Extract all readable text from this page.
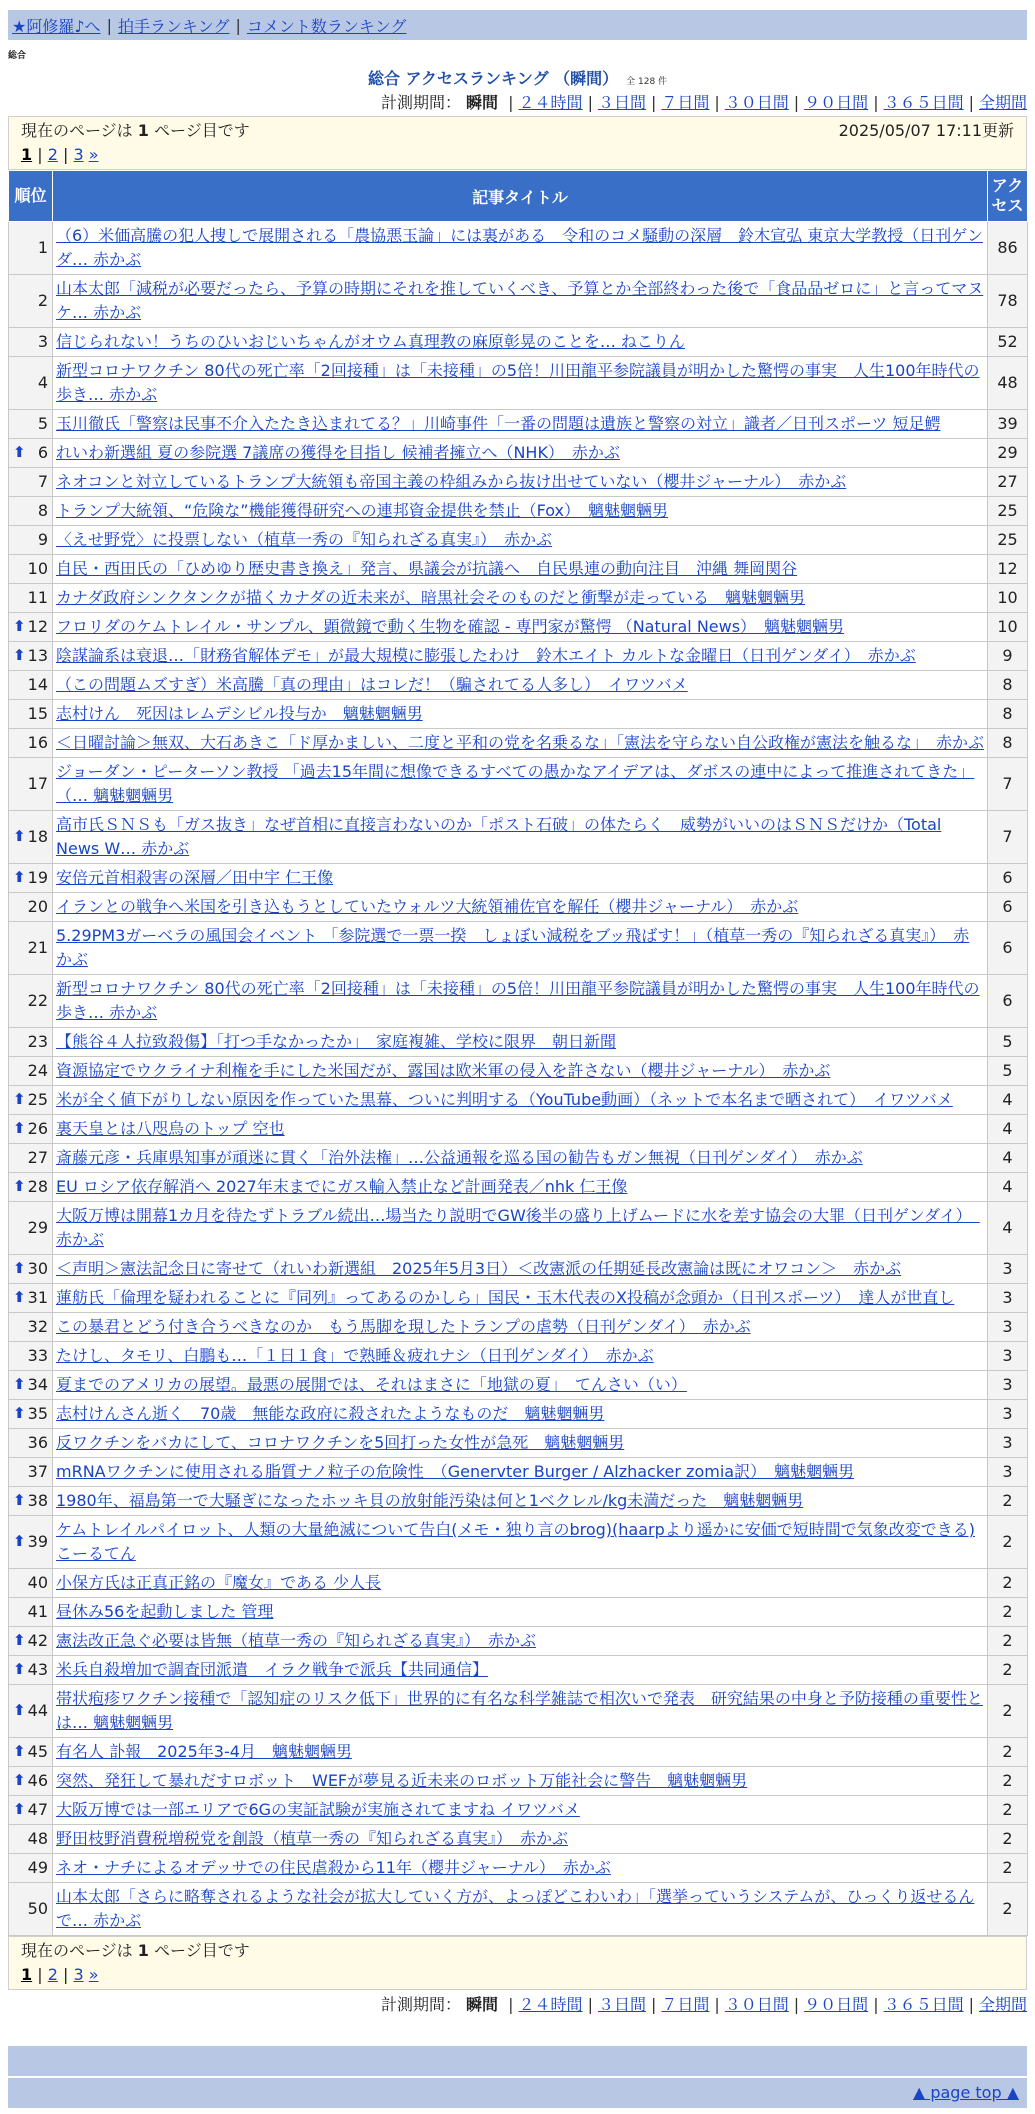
★阿修羅♪へ | 拍手ランキング | コメント数ランキング
総合
総合 アクセスランキング （瞬間） 全 128 件
計測期間： 瞬間 | ２４時間 | ３日間 | ７日間 | ３０日間 | ９０日間 | ３６５日間 | 全期間
現在のページは 1 ページ目です	2025/05/07 17:11更新
1 | 2 | 3 »
順位	記事タイトル	アクセス
1	（6）米価高騰の犯人捜しで展開される「農協悪玉論」には裏がある　令和のコメ騒動の深層　鈴木宣弘 東京大学教授（日刊ゲンダ… 赤かぶ	86
2	山本太郎「減税が必要だったら、予算の時期にそれを推していくべき、予算とか全部終わった後で「食品品ゼロに」と言ってマヌケ… 赤かぶ	78
3	信じられない！うちのひいおじいちゃんがオウム真理教の麻原彰晃のことを… ねこりん	52
4	新型コロナワクチン 80代の死亡率「2回接種」は「未接種」の5倍！川田龍平参院議員が明かした驚愕の事実　人生100年時代の歩き… 赤かぶ	48
5	玉川徹氏「警察は民事不介入たたき込まれてる？」川崎事件「一番の問題は遺族と警察の対立」識者／日刊スポーツ 短足鰐	39

⬆ 6	れいわ新選組 夏の参院選 7議席の獲得を目指し 候補者擁立へ（NHK）　赤かぶ	29
7	ネオコンと対立しているトランプ大統領も帝国主義の枠組みから抜け出せていない（櫻井ジャーナル）　赤かぶ	27
8	トランプ大統領、“危険な”機能獲得研究への連邦資金提供を禁止（Fox）　魑魅魍魎男	25
9	〈えせ野党〉に投票しない（植草一秀の『知られざる真実』）　赤かぶ	25
10	自民・西田氏の「ひめゆり歴史書き換え」発言、県議会が抗議へ　自民県連の動向注目　沖縄 舞岡関谷	12
11	カナダ政府シンクタンクが描くカナダの近未来が、暗黒社会そのものだと衝撃が走っている　魑魅魍魎男	10

⬆ 12	フロリダのケムトレイル・サンプル、顕微鏡で動く生物を確認 - 専門家が驚愕 （Natural News）　魑魅魍魎男	10

⬆ 13	陰謀論系は衰退…「財務省解体デモ」が最大規模に膨張したわけ　鈴木エイト カルトな金曜日（日刊ゲンダイ）　赤かぶ	9
14	（この問題ムズすぎ）米高騰「真の理由」はコレだ！（騙されてる人多し）　イワツバメ	8
15	志村けん　死因はレムデシビル投与か　魑魅魍魎男	8
16	＜日曜討論＞無双、大石あきこ「ド厚かましい、二度と平和の党を名乗るな」「憲法を守らない自公政権が憲法を触るな」　赤かぶ	8
17	ジョーダン・ピーターソン教授 「過去15年間に想像できるすべての愚かなアイデアは、ダボスの連中によって推進されてきた」（… 魑魅魍魎男	7

⬆ 18	高市氏ＳＮＳも「ガス抜き」なぜ首相に直接言わないのか「ポスト石破」の体たらく　威勢がいいのはＳＮＳだけか（Total News W… 赤かぶ	7

⬆ 19	安倍元首相殺害の深層／田中宇 仁王像	6
20	イランとの戦争へ米国を引き込もうとしていたウォルツ大統領補佐官を解任（櫻井ジャーナル）　赤かぶ	6
21	5.29PM3ガーベラの風国会イベント 「参院選で一票一揆　しょぼい減税をブッ飛ばす！」（植草一秀の『知られざる真実』）　赤かぶ	6
22	新型コロナワクチン 80代の死亡率「2回接種」は「未接種」の5倍！川田龍平参院議員が明かした驚愕の事実　人生100年時代の歩き… 赤かぶ	6
23	【熊谷４人拉致殺傷】「打つ手なかったか」　家庭複雑、学校に限界　朝日新聞	5
24	資源協定でウクライナ利権を手にした米国だが、露国は欧米軍の侵入を許さない（櫻井ジャーナル）　赤かぶ	5

⬆ 25	米が全く値下がりしない原因を作っていた黒幕、ついに判明する（YouTube動画）（ネットで本名まで晒されて）　イワツバメ	4

⬆ 26	裏天皇とは八咫烏のトップ 空也	4
27	斎藤元彦・兵庫県知事が頑迷に貫く「治外法権」…公益通報を巡る国の勧告もガン無視（日刊ゲンダイ）　赤かぶ	4

⬆ 28	EU ロシア依存解消へ 2027年末までにガス輸入禁止など計画発表／nhk 仁王像	4
29	大阪万博は開幕1カ月を待たずトラブル続出…場当たり説明でGW後半の盛り上げムードに水を差す協会の大罪（日刊ゲンダイ）　赤かぶ	4

⬆ 30	＜声明＞憲法記念日に寄せて（れいわ新選組　2025年5月3日）＜改憲派の任期延長改憲論は既にオワコン＞　赤かぶ	3

⬆ 31	蓮舫氏「倫理を疑われることに『同列』ってあるのかしら」国民・玉木代表のX投稿が念頭か（日刊スポーツ）　達人が世直し	3
32	この暴君とどう付き合うべきなのか　もう馬脚を現したトランプの虐勢（日刊ゲンダイ）　赤かぶ	3
33	たけし、タモリ、白鵬も…「１日１食」で熟睡＆疲れナシ（日刊ゲンダイ）　赤かぶ	3

⬆ 34	夏までのアメリカの展望。最悪の展開では、それはまさに「地獄の夏」　てんさい（い）	3

⬆ 35	志村けんさん逝く　70歳　無能な政府に殺されたようなものだ　魑魅魍魎男	3
36	反ワクチンをバカにして、コロナワクチンを5回打った女性が急死　魑魅魍魎男	3
37	mRNAワクチンに使用される脂質ナノ粒子の危険性　（Genervter Burger / Alzhacker zomia訳）　魑魅魍魎男	3

⬆ 38	1980年、福島第一で大騒ぎになったホッキ貝の放射能汚染は何と1ベクレル/kg未満だった　魑魅魍魎男	2

⬆ 39	ケムトレイルパイロット、人類の大量絶滅について告白(メモ・独り言のbrog)(haarpより遥かに安価で短時間で気象改変できる) こーるてん	2
40	小保方氏は正真正銘の『魔女』である 少人長	2
41	昼休み56を起動しました 管理	2

⬆ 42	憲法改正急ぐ必要は皆無（植草一秀の『知られざる真実』）　赤かぶ	2

⬆ 43	米兵自殺増加で調査団派遣　イラク戦争で派兵【共同通信】	2

⬆ 44	帯状疱疹ワクチン接種で「認知症のリスク低下」世界的に有名な科学雑誌で相次いで発表　研究結果の中身と予防接種の重要性とは… 魑魅魍魎男	2

⬆ 45	有名人 訃報　2025年3-4月　魑魅魍魎男	2

⬆ 46	突然、発狂して暴れだすロボット　WEFが夢見る近未来のロボット万能社会に警告　魑魅魍魎男	2

⬆ 47	大阪万博では一部エリアで6Gの実証試験が実施されてますね イワツバメ	2
48	野田枝野消費税増税党を創設（植草一秀の『知られざる真実』）　赤かぶ	2
49	ネオ・ナチによるオデッサでの住民虐殺から11年（櫻井ジャーナル）　赤かぶ	2
50	山本太郎「さらに略奪されるような社会が拡大していく方が、よっぽどこわいわ」「選挙っていうシステムが、ひっくり返せるんで… 赤かぶ	2
現在のページは 1 ページ目です
1 | 2 | 3 »
計測期間： 瞬間 | ２４時間 | ３日間 | ７日間 | ３０日間 | ９０日間 | ３６５日間 | 全期間
▲ page top ▲
